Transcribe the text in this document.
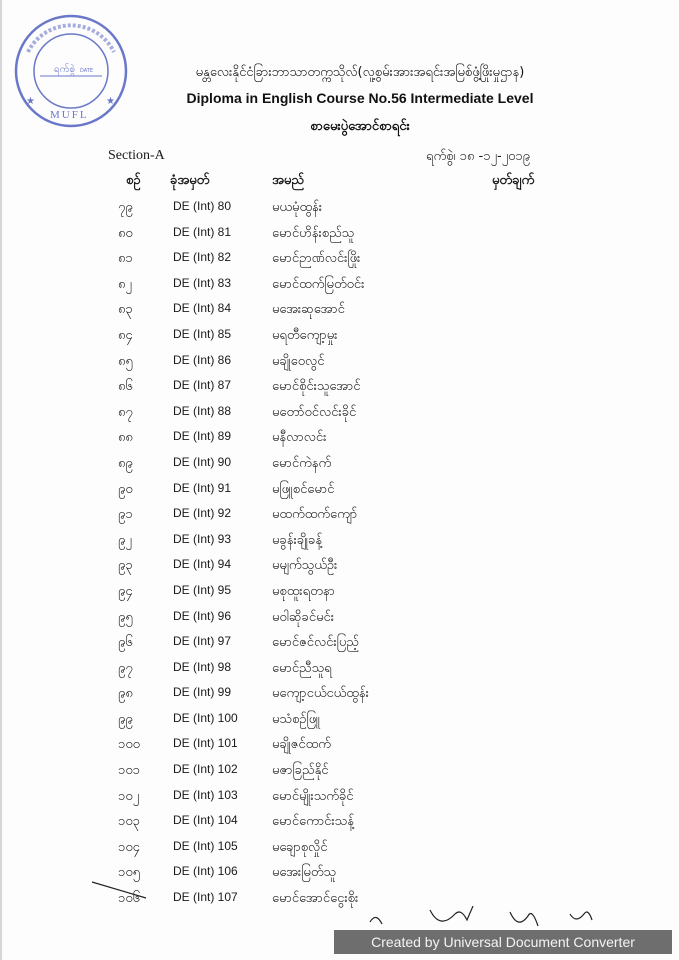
ရက်စွဲ DATE
MUFL
★	★
မန္တလေးနိုင်ငံခြားဘာသာတက္ကသိုလ်(လူ့စွမ်းအားအရင်းအမြစ်ဖွံ့ဖြိုးမှုဌာန)
Diploma in English Course No.56 Intermediate Level
စာမေးပွဲအောင်စာရင်း
Section-A	ရက်စွဲ၊ ၁၈ -၁၂-၂၀၁၉
စဉ် ခုံအမှတ်	အမည်	မှတ်ချက်
၇၉	DE (Int) 80	မယမုံထွန်း
၈၀	DE (Int) 81	မောင်ဟိန်းစည်သူ
၈၁	DE (Int) 82	မောင်ဉာဏ်လင်းဖြိုး
၈၂	DE (Int) 83	မောင်ထက်မြတ်ဝင်း
၈၃	DE (Int) 84	မအေးဆုအောင်
၈၄	DE (Int) 85	မရတီကျော့မှုး
၈၅	DE (Int) 86	မချိုဝေလွင်
၈၆	DE (Int) 87	မောင်စိုင်းသူအောင်
၈၇	DE (Int) 88	မတော်ဝင်လင်းခိုင်
၈၈	DE (Int) 89	မနီလာလင်း
၈၉	DE (Int) 90	မောင်ကဲနက်
၉၀	DE (Int) 91	မဖြူစင်မောင်
၉၁	DE (Int) 92	မထက်ထက်ကျော်
၉၂	DE (Int) 93	မခွန်းချိုခန့်
၉၃	DE (Int) 94	မမျက်သွယ်ဦး
၉၄	DE (Int) 95	မစုထူးရတနာ
၉၅	DE (Int) 96	မဝါဆိုခင်မင်း
၉၆	DE (Int) 97	မောင်ဇင်လင်းပြည့်
၉၇	DE (Int) 98	မောင်ညီသူရ
၉၈	DE (Int) 99	မကျော့ငယ်ငယ်ထွန်း
၉၉	DE (Int) 100	မသံစဉ်ဖြူ
၁၀၀	DE (Int) 101	မချိုဇင်ထက်
၁၀၁	DE (Int) 102	မဇာခြည်နိုင်
၁၀၂	DE (Int) 103	မောင်မျိုးသက်ခိုင်
၁၀၃	DE (Int) 104	မောင်ကောင်းသန့်
၁၀၄	DE (Int) 105	မချောစုလှိုင်
၁၀၅	DE (Int) 106	မအေးမြတ်သူ
၁၀၆	DE (Int) 107	မောင်အောင်ငွေးစိုး
Created by Universal Document Converter
